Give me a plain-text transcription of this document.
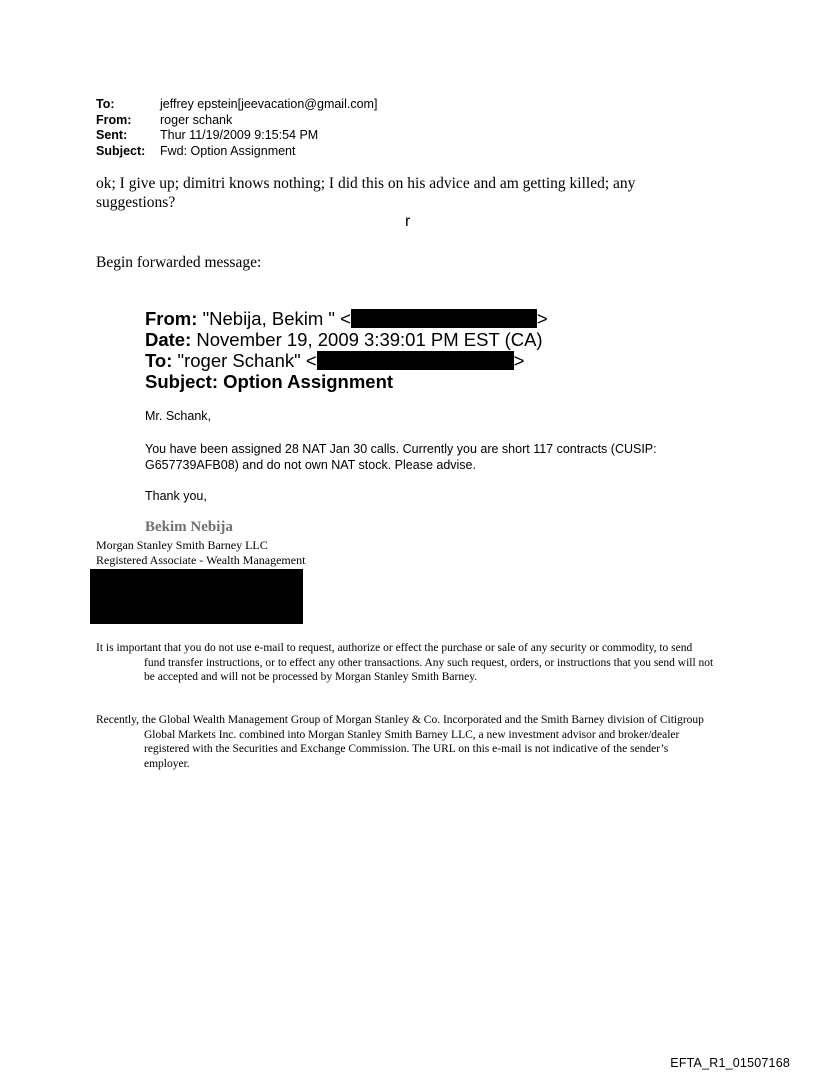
To:	jeffrey epstein[jeevacation@gmail.com]
From:	roger schank
Sent:	Thur 11/19/2009 9:15:54 PM
Subject:	Fwd: Option Assignment
ok; I give up; dimitri knows nothing; I did this on his advice and am getting killed; any suggestions?
r
Begin forwarded message:
From: "Nebija, Bekim " <	>
Date: November 19, 2009 3:39:01 PM EST (CA)
To: "roger Schank" <	>
Subject: Option Assignment
Mr. Schank,
You have been assigned 28 NAT Jan 30 calls. Currently you are short 117 contracts (CUSIP: G657739AFB08) and do not own NAT stock. Please advise.
Thank you,
Bekim Nebija
Morgan Stanley Smith Barney LLC
Registered Associate - Wealth Management
It is important that you do not use e-mail to request, authorize or effect the purchase or sale of any security or commodity, to send fund transfer instructions, or to effect any other transactions. Any such request, orders, or instructions that you send will not be accepted and will not be processed by Morgan Stanley Smith Barney.
Recently, the Global Wealth Management Group of Morgan Stanley & Co. Incorporated and the Smith Barney division of Citigroup Global Markets Inc. combined into Morgan Stanley Smith Barney LLC, a new investment advisor and broker/dealer registered with the Securities and Exchange Commission. The URL on this e-mail is not indicative of the sender’s employer.
EFTA_R1_01507168
